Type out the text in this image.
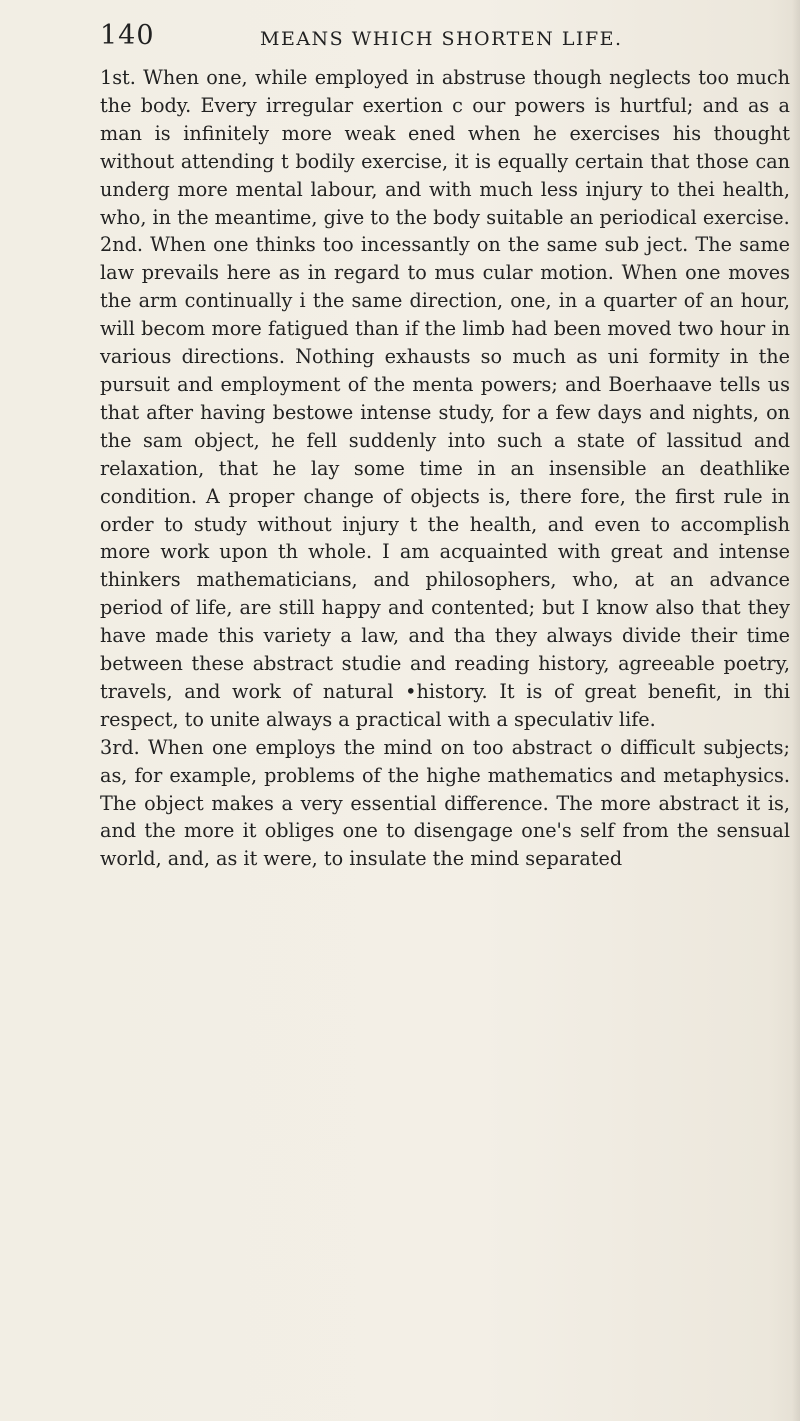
140	MEANS WHICH SHORTEN LIFE.

1st. When one, while employed in abstruse though neglects too much the body. Every irregular exertion c our powers is hurtful; and as a man is infinitely more weak ened when he exercises his thought without attending t bodily exercise, it is equally certain that those can underg more mental labour, and with much less injury to thei health, who, in the meantime, give to the body suitable an periodical exercise.

2nd. When one thinks too incessantly on the same sub ject. The same law prevails here as in regard to mus cular motion. When one moves the arm continually i the same direction, one, in a quarter of an hour, will becom more fatigued than if the limb had been moved two hour in various directions. Nothing exhausts so much as uni formity in the pursuit and employment of the menta powers; and Boerhaave tells us that after having bestowe intense study, for a few days and nights, on the sam object, he fell suddenly into such a state of lassitud and relaxation, that he lay some time in an insensible an deathlike condition. A proper change of objects is, there fore, the first rule in order to study without injury t the health, and even to accomplish more work upon th whole. I am acquainted with great and intense thinkers mathematicians, and philosophers, who, at an advance period of life, are still happy and contented; but I know also that they have made this variety a law, and tha they always divide their time between these abstract studie and reading history, agreeable poetry, travels, and work of natural •history. It is of great benefit, in thi respect, to unite always a practical with a speculativ life.

3rd. When one employs the mind on too abstract o difficult subjects; as, for example, problems of the highe mathematics and metaphysics. The object makes a very essential difference. The more abstract it is, and the more it obliges one to disengage one's self from the sensual world, and, as it were, to insulate the mind separated
